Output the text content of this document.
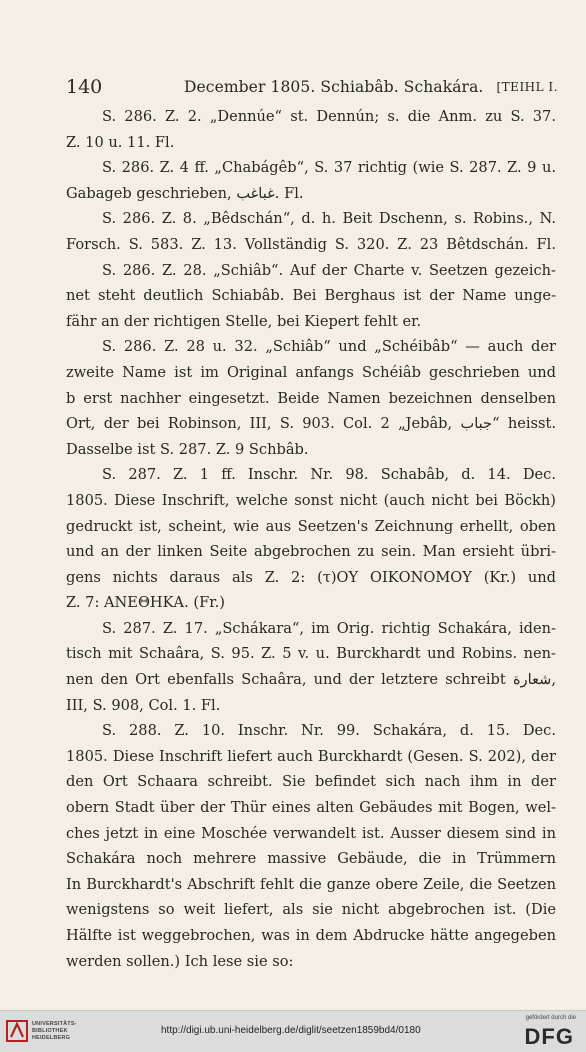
140	December 1805. Schiabâb. Schakára. [TEIHL I.
S. 286. Z. 2. „Dennúe“ st. Dennún; s. die Anm. zu S. 37.
Z. 10 u. 11. Fl.
S. 286. Z. 4 ff. „Chabágêb“, S. 37 richtig (wie S. 287. Z. 9 u.
Gabageb geschrieben, غباغب. Fl.
S. 286. Z. 8. „Bêdschán“, d. h. Beit Dschenn, s. Robins., N.
Forsch. S. 583. Z. 13. Vollständig S. 320. Z. 23 Bêtdschán. Fl.
S. 286. Z. 28. „Schiâb“. Auf der Charte v. Seetzen gezeich-
net steht deutlich Schiabâb. Bei Berghaus ist der Name unge-
fähr an der richtigen Stelle, bei Kiepert fehlt er.
S. 286. Z. 28 u. 32. „Schiâb“ und „Schéibâb“ — auch der
zweite Name ist im Original anfangs Schéiâb geschrieben und
b erst nachher eingesetzt. Beide Namen bezeichnen denselben
Ort, der bei Robinson, III, S. 903. Col. 2 „Jebâb, جباب“ heisst.
Dasselbe ist S. 287. Z. 9 Schbâb.
S. 287. Z. 1 ff. Inschr. Nr. 98. Schabâb, d. 14. Dec.
1805. Diese Inschrift, welche sonst nicht (auch nicht bei Böckh)
gedruckt ist, scheint, wie aus Seetzen's Zeichnung erhellt, oben
und an der linken Seite abgebrochen zu sein. Man ersieht übri-
gens nichts daraus als Z. 2: (τ)ΟΥ ΟΙΚΟΝΟΜΟΥ (Kr.) und
Z. 7: ΑΝΕΘΗΚΑ. (Fr.)
S. 287. Z. 17. „Schákara“, im Orig. richtig Schakára, iden-
tisch mit Schaâra, S. 95. Z. 5 v. u. Burckhardt und Robins. nen-
nen den Ort ebenfalls Schaâra, und der letztere schreibt شعارة,
III, S. 908, Col. 1. Fl.
S. 288. Z. 10. Inschr. Nr. 99. Schakára, d. 15. Dec.
1805. Diese Inschrift liefert auch Burckhardt (Gesen. S. 202), der
den Ort Schaara schreibt. Sie befindet sich nach ihm in der
obern Stadt über der Thür eines alten Gebäudes mit Bogen, wel-
ches jetzt in eine Moschée verwandelt ist. Ausser diesem sind in
Schakára noch mehrere massive Gebäude, die in Trümmern
In Burckhardt's Abschrift fehlt die ganze obere Zeile, die Seetzen
wenigstens so weit liefert, als sie nicht abgebrochen ist. (Die
Hälfte ist weggebrochen, was in dem Abdrucke hätte angegeben
werden sollen.) Ich lese sie so:
UNIVERSITÄTS-
BIBLIOTHEK
HEIDELBERG
http://digi.ub.uni-heidelberg.de/diglit/seetzen1859bd4/0180
gefördert durch die
DFG
